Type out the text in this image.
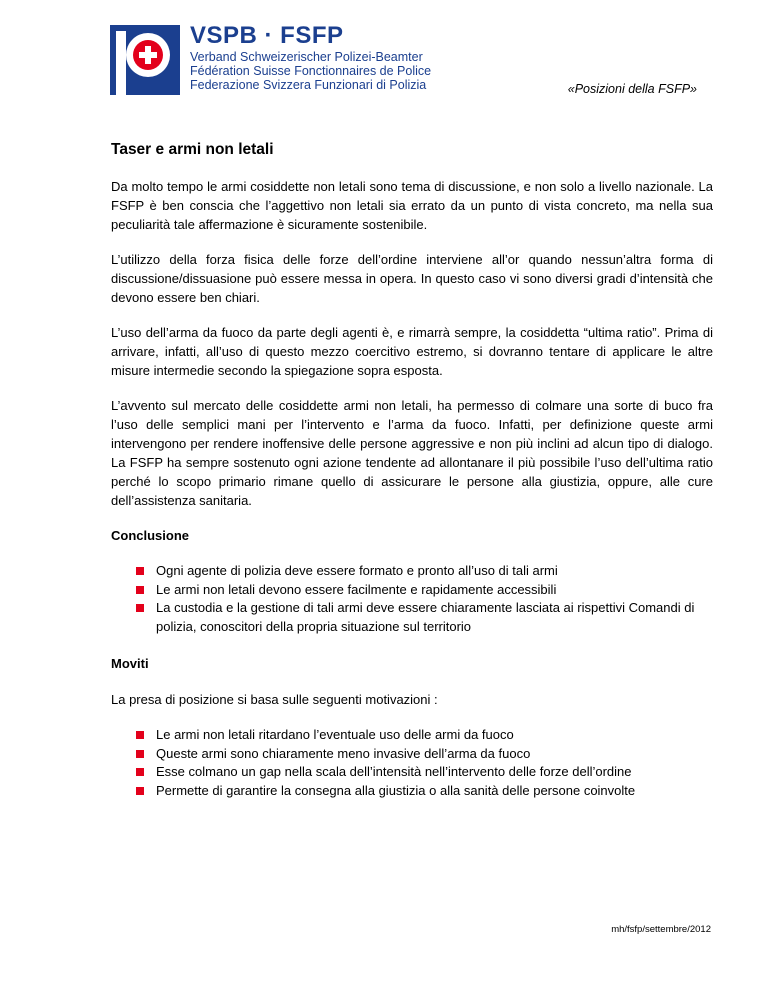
VSPB · FSFP
Verband Schweizerischer Polizei-Beamter
Fédération Suisse Fonctionnaires de Police
Federazione Svizzera Funzionari di Polizia	«Posizioni della FSFP»
Taser e armi non letali

Da molto tempo le armi cosiddette non letali sono tema di discussione, e non solo a livello nazionale. La FSFP è ben conscia che l’aggettivo non letali sia errato da un punto di vista concreto, ma nella sua peculiarità tale affermazione è sicuramente sostenibile.

L’utilizzo della forza fisica delle forze dell’ordine interviene all’or quando nessun’altra forma di discussione/dissuasione può essere messa in opera. In questo caso vi sono diversi gradi d’intensità che devono essere ben chiari.

L’uso dell’arma da fuoco da parte degli agenti è, e rimarrà sempre, la cosiddetta “ultima ratio”. Prima di arrivare, infatti, all’uso di questo mezzo coercitivo estremo, si dovranno tentare di applicare le altre misure intermedie secondo la spiegazione sopra esposta.

L’avvento sul mercato delle cosiddette armi non letali, ha permesso di colmare una sorte di buco fra l’uso delle semplici mani per l’intervento e l’arma da fuoco. Infatti, per definizione queste armi intervengono per rendere inoffensive delle persone aggressive e non più inclini ad alcun tipo di dialogo. La FSFP ha sempre sostenuto ogni azione tendente ad allontanare il più possibile l’uso dell’ultima ratio perché lo scopo primario rimane quello di assicurare le persone alla giustizia, oppure, alle cure dell’assistenza sanitaria.

Conclusione
Ogni agente di polizia deve essere formato e pronto all’uso di tali armi
Le armi non letali devono essere facilmente e rapidamente accessibili
La custodia e la gestione di tali armi deve essere chiaramente lasciata ai rispettivi Comandi di polizia, conoscitori della propria situazione sul territorio
Moviti

La presa di posizione si basa sulle seguenti motivazioni :

Le armi non letali ritardano l’eventuale uso delle armi da fuoco
Queste armi sono chiaramente meno invasive dell’arma da fuoco
Esse colmano un gap nella scala dell’intensità nell’intervento delle forze dell’ordine
Permette di garantire la consegna alla giustizia o alla sanità delle persone coinvolte
mh/fsfp/settembre/2012
